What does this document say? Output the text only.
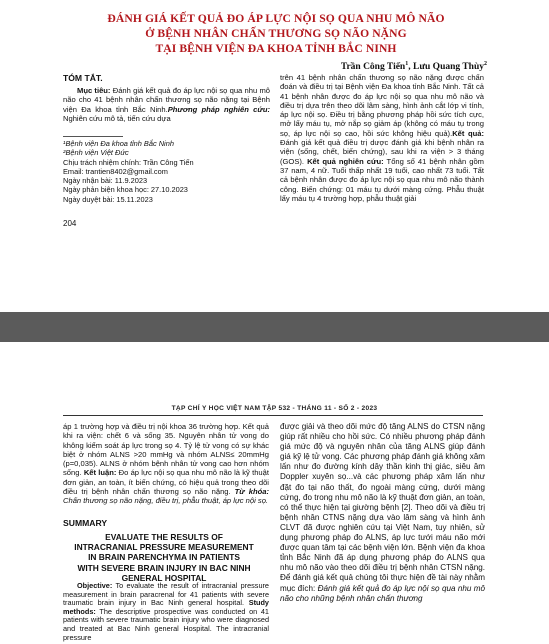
ĐÁNH GIÁ KẾT QUẢ ĐO ÁP LỰC NỘI SỌ QUA NHU MÔ NÃO
Ở BỆNH NHÂN CHẤN THƯƠNG SỌ NÃO NẶNG
TẠI BỆNH VIỆN ĐA KHOA TỈNH BẮC NINH
Trần Công Tiến$^1$, Lưu Quang Thùy$^2$
TÓM TẮT.

Mục tiêu: Đánh giá kết quả đo áp lực nội sọ qua nhu mô não cho 41 bệnh nhân chấn thương sọ não nặng tại Bệnh viện Đa khoa tỉnh Bắc Ninh.Phương pháp nghiên cứu: Nghiên cứu mô tả, tiến cứu dựa

¹Bệnh viện Đa khoa tỉnh Bắc Ninh
²Bệnh viện Việt Đức
Chịu trách nhiệm chính: Trần Công Tiến
Email: trantien8402@gmail.com
Ngày nhận bài: 11.9.2023
Ngày phản biện khoa học: 27.10.2023
Ngày duyệt bài: 15.11.2023
204

trên 41 bệnh nhân chấn thương sọ não nặng được chẩn đoán và điều trị tại Bệnh viện Đa khoa tỉnh Bắc Ninh. Tất cả 41 bệnh nhân được đo áp lực nội sọ qua nhu mô não và điều trị dựa trên theo dõi lâm sàng, hình ảnh cắt lớp vi tính, áp lực nội sọ. Điều trị bằng phương pháp hồi sức tích cực, mở lấy máu tụ, mở nắp sọ giảm áp (không có máu tụ trong sọ, áp lực nội sọ cao, hồi sức không hiệu quả).Kết quả: Đánh giá kết quả điều trị dược đánh giá khi bệnh nhân ra viện (sống, chết, biến chứng), sau khi ra viện > 3 tháng (GOS). Kết quả nghiên cứu: Tổng số 41 bệnh nhân gồm 37 nam, 4 nữ. Tuổi thấp nhất 19 tuổi, cao nhất 73 tuổi. Tất cả bệnh nhân được đo áp lực nội sọ qua nhu mô não thành công. Biến chứng: 01 máu tụ dưới màng cứng. Phẫu thuật lấy máu tụ 4 trường hợp, phẫu thuật giải

TẠP CHÍ Y HỌC VIỆT NAM TẬP 532 - THÁNG 11 - SỐ 2 - 2023

áp 1 trường hợp và điều trị nội khoa 36 trường hợp. Kết quả khi ra viện: chết 6 và sống 35. Nguyên nhân tử vong do không kiểm soát áp lực trong sọ 4. Tỷ lệ tử vong có sự khác biệt ở nhóm ALNS >20 mmHg và nhóm ALNS≤ 20mmHg (p=0,035). ALNS ở nhóm bệnh nhân tử vong cao hơn nhóm sống. Kết luận: Đo áp lực nội sọ qua nhu mô não là kỹ thuật đơn giản, an toàn, ít biến chứng, có hiệu quả trong theo dõi điều trị bệnh nhân chấn thương sọ não nặng. Từ khóa: Chấn thương sọ não nặng, điều trị, phẫu thuật, áp lực nội sọ.

SUMMARY
EVALUATE THE RESULTS OF
INTRACRANIAL PRESSURE MEASUREMENT
IN BRAIN PARENCHYMA IN PATIENTS
WITH SEVERE BRAIN INJURY IN BAC NINH
GENERAL HOSPITAL

Objective: To evaluate the result of intracranial pressure measurement in brain paracrenal for 41 patients with severe traumatic brain injury in Bac Ninh general hospital. Study methods: The descriptive prospective was conducted on 41 patients with severe traumatic brain injury who were diagnosed and treated at Bac Ninh general Hospital. The intracranial pressure

được giải và theo dõi mức độ tăng ALNS do CTSN nặng giúp rất nhiều cho hồi sức. Có nhiều phương pháp đánh giá mức độ và nguyên nhân của tăng ALNS giúp đánh giá kỹ lệ tử vong. Các phương pháp đánh giá không xâm lấn như đo đường kính dây thần kinh thị giác, siêu âm Doppler xuyên sọ...và các phương pháp xâm lấn như đặt đo tại não thất, đo ngoài màng cứng, dưới màng cứng, đo trong nhu mô não là kỹ thuật đơn giản, an toàn, có thể thực hiện tại giường bệnh [2]. Theo dõi và điều trị bệnh nhân CTNS nặng dựa vào lâm sàng và hình ảnh CLVT đã được nghiên cứu tại Việt Nam, tuy nhiên, sử dụng phương pháp đo ALNS, áp lực tưới máu não mới được quan tâm tại các bệnh viện lớn. Bệnh viện đa khoa tỉnh Bắc Ninh đã áp dụng phương pháp đo ALNS qua nhu mô não vào theo dõi điều trị bệnh nhân CTSN nặng. Để đánh giá kết quả chúng tôi thực hiện đề tài này nhằm mục đích: Đánh giá kết quả đo áp lực nội sọ qua nhu mô não cho những bệnh nhân chấn thương
